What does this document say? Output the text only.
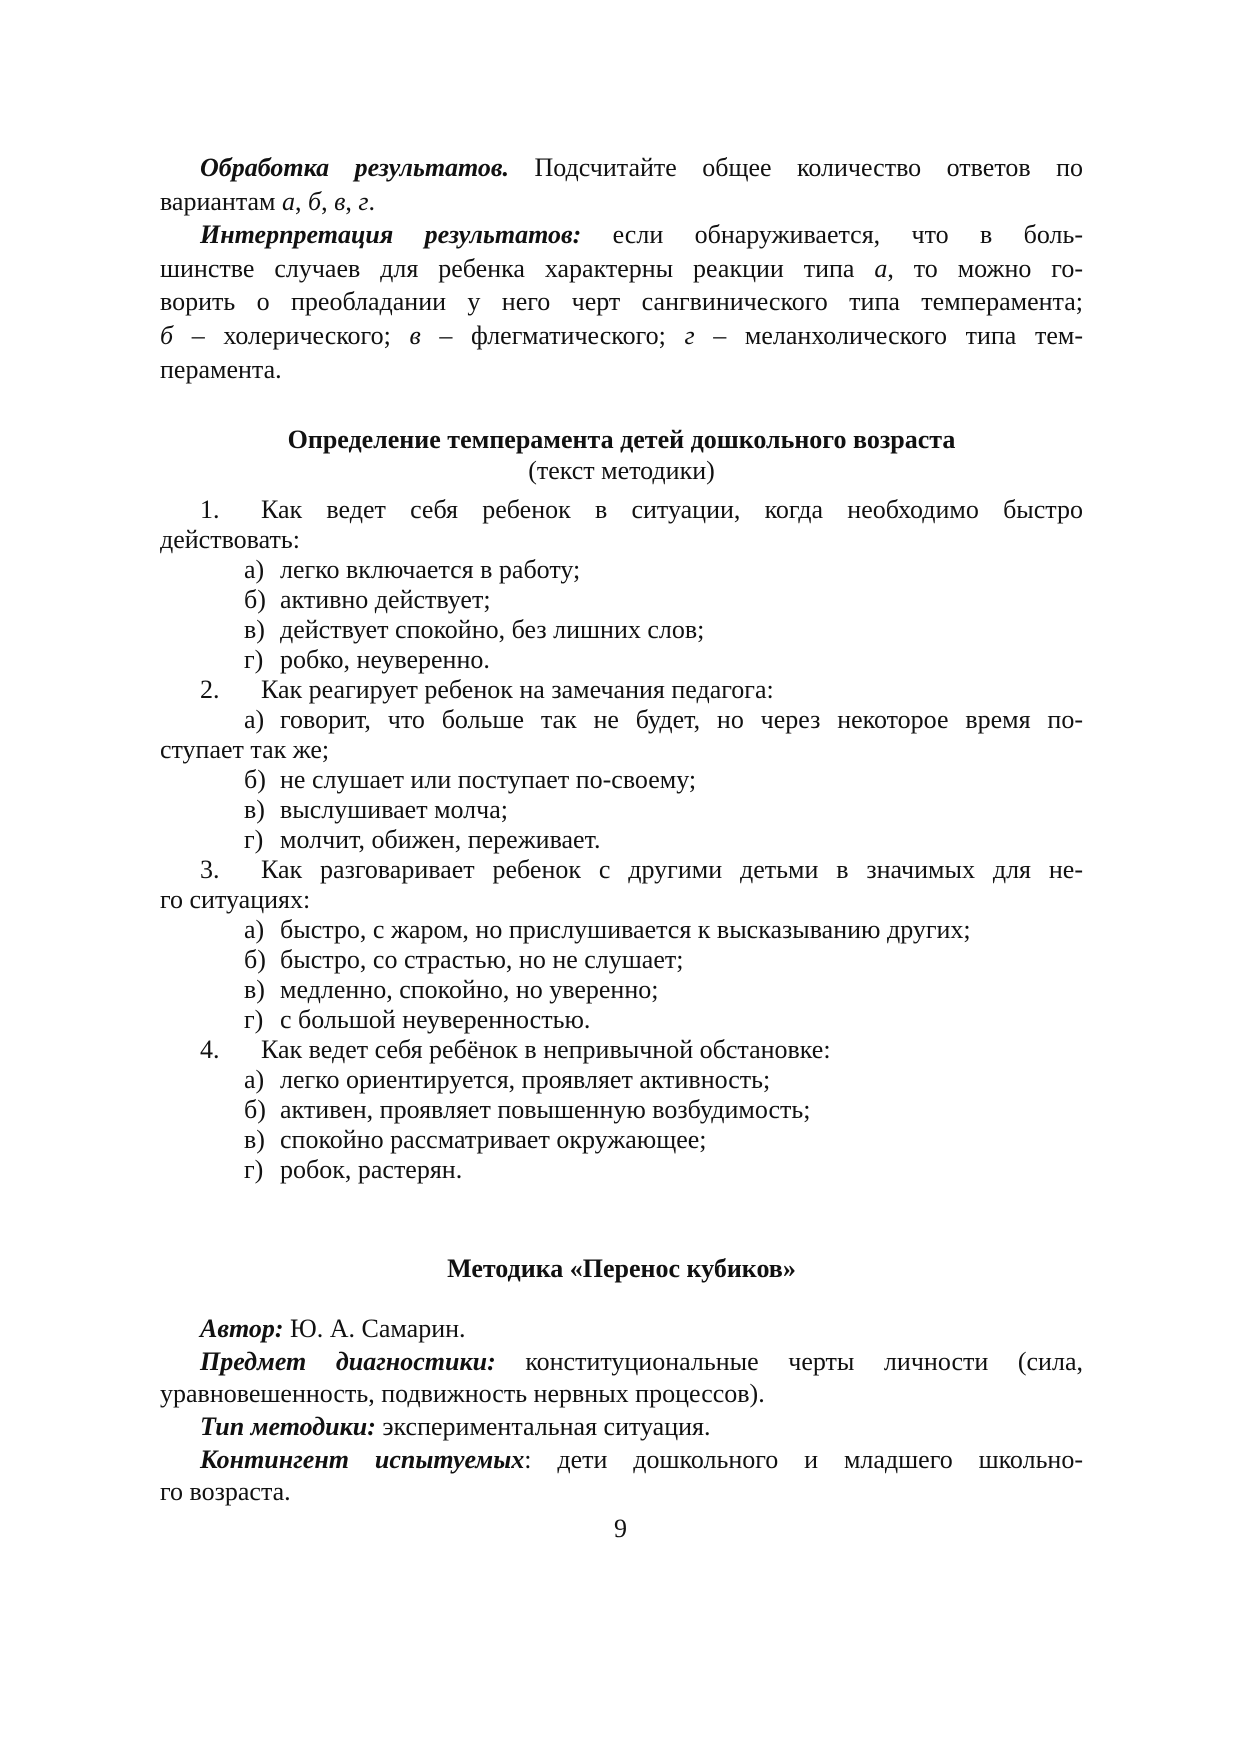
Обработка результатов. Подсчитайте общее количество ответов по
вариантам а, б, в, г.
Интерпретация результатов: если обнаруживается, что в боль-
шинстве случаев для ребенка характерны реакции типа а, то можно го-
ворить о преобладании у него черт сангвинического типа темперамента;
б – холерического; в – флегматического; г – меланхолического типа тем-
перамента.
Определение темперамента детей дошкольного возраста
(текст методики)
1. Как ведет себя ребенок в ситуации, когда необходимо быстро
действовать:
а) легко включается в работу;
б) активно действует;
в) действует спокойно, без лишних слов;
г) робко, неуверенно.
2. Как реагирует ребенок на замечания педагога:
а) говорит, что больше так не будет, но через некоторое время по-
ступает так же;
б) не слушает или поступает по-своему;
в) выслушивает молча;
г) молчит, обижен, переживает.
3. Как разговаривает ребенок с другими детьми в значимых для не-
го ситуациях:
а) быстро, с жаром, но прислушивается к высказыванию других;
б) быстро, со страстью, но не слушает;
в) медленно, спокойно, но уверенно;
г) с большой неуверенностью.
4. Как ведет себя ребёнок в непривычной обстановке:
а) легко ориентируется, проявляет активность;
б) активен, проявляет повышенную возбудимость;
в) спокойно рассматривает окружающее;
г) робок, растерян.
Методика «Перенос кубиков»
Автор: Ю. А. Самарин.
Предмет диагностики: конституциональные черты личности (сила,
уравновешенность, подвижность нервных процессов).
Тип методики: экспериментальная ситуация.
Контингент испытуемых: дети дошкольного и младшего школьно-
го возраста.
9
